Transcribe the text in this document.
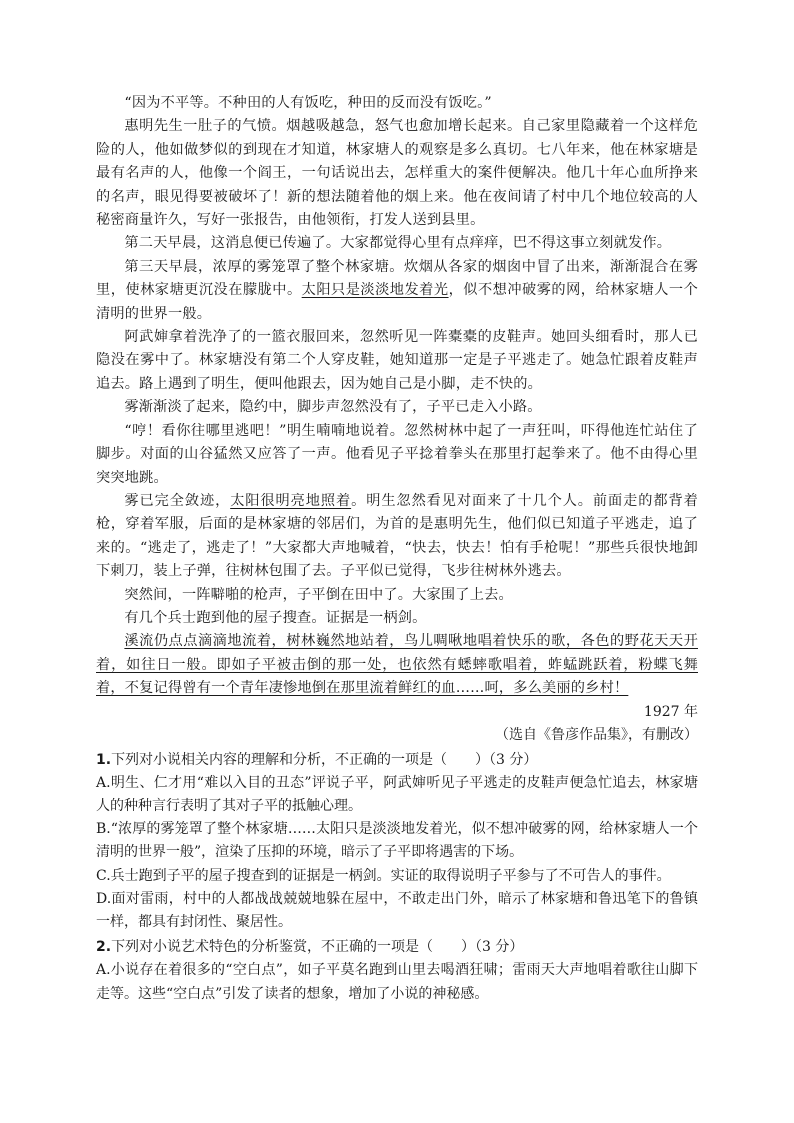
“因为不平等。不种田的人有饭吃，种田的反而没有饭吃。”

惠明先生一肚子的气愤。烟越吸越急，怒气也愈加增长起来。自己家里隐藏着一个这样危险的人，他如做梦似的到现在才知道，林家塘人的观察是多么真切。七八年来，他在林家塘是最有名声的人，他像一个阎王，一句话说出去，怎样重大的案件便解决。他几十年心血所挣来的名声，眼见得要被破坏了！新的想法随着他的烟上来。他在夜间请了村中几个地位较高的人秘密商量许久，写好一张报告，由他领衔，打发人送到县里。

第二天早晨，这消息便已传遍了。大家都觉得心里有点痒痒，巴不得这事立刻就发作。

第三天早晨，浓厚的雾笼罩了整个林家塘。炊烟从各家的烟囱中冒了出来，渐渐混合在雾里，使林家塘更沉没在朦胧中。太阳只是淡淡地发着光，似不想冲破雾的网，给林家塘人一个清明的世界一般。

阿武婶拿着洗净了的一篮衣服回来，忽然听见一阵橐橐的皮鞋声。她回头细看时，那人已隐没在雾中了。林家塘没有第二个人穿皮鞋，她知道那一定是子平逃走了。她急忙跟着皮鞋声追去。路上遇到了明生，便叫他跟去，因为她自己是小脚，走不快的。

雾渐渐淡了起来，隐约中，脚步声忽然没有了，子平已走入小路。

“哼！看你往哪里逃吧！”明生喃喃地说着。忽然树林中起了一声狂叫，吓得他连忙站住了脚步。对面的山谷猛然又应答了一声。他看见子平捻着拳头在那里打起拳来了。他不由得心里突突地跳。

雾已完全敛迹，太阳很明亮地照着。明生忽然看见对面来了十几个人。前面走的都背着枪，穿着军服，后面的是林家塘的邻居们，为首的是惠明先生，他们似已知道子平逃走，追了来的。“逃走了，逃走了！”大家都大声地喊着，“快去，快去！怕有手枪呢！”那些兵很快地卸下刺刀，装上子弹，往树林包围了去。子平似已觉得，飞步往树林外逃去。

突然间，一阵噼啪的枪声，子平倒在田中了。大家围了上去。

有几个兵士跑到他的屋子搜查。证据是一柄剑。

溪流仍点点滴滴地流着，树林巍然地站着，鸟儿啁啾地唱着快乐的歌，各色的野花天天开着，如往日一般。即如子平被击倒的那一处，也依然有蟋蟀歌唱着，蚱蜢跳跃着，粉蝶飞舞着，不复记得曾有一个青年凄惨地倒在那里流着鲜红的血……呵，多么美丽的乡村！

1927 年

（选自《鲁彦作品集》，有删改）

1.下列对小说相关内容的理解和分析，不正确的一项是（　　）（3 分）

A.明生、仁才用“难以入目的丑态”评说子平，阿武婶听见子平逃走的皮鞋声便急忙追去，林家塘人的种种言行表明了其对子平的抵触心理。

B.“浓厚的雾笼罩了整个林家塘……太阳只是淡淡地发着光，似不想冲破雾的网，给林家塘人一个清明的世界一般”，渲染了压抑的环境，暗示了子平即将遇害的下场。

C.兵士跑到子平的屋子搜查到的证据是一柄剑。实证的取得说明子平参与了不可告人的事件。

D.面对雷雨，村中的人都战战兢兢地躲在屋中，不敢走出门外，暗示了林家塘和鲁迅笔下的鲁镇一样，都具有封闭性、聚居性。

2.下列对小说艺术特色的分析鉴赏，不正确的一项是（　　）（3 分）

A.小说存在着很多的“空白点”，如子平莫名跑到山里去喝酒狂啸；雷雨天大声地唱着歌往山脚下走等。这些“空白点”引发了读者的想象，增加了小说的神秘感。
